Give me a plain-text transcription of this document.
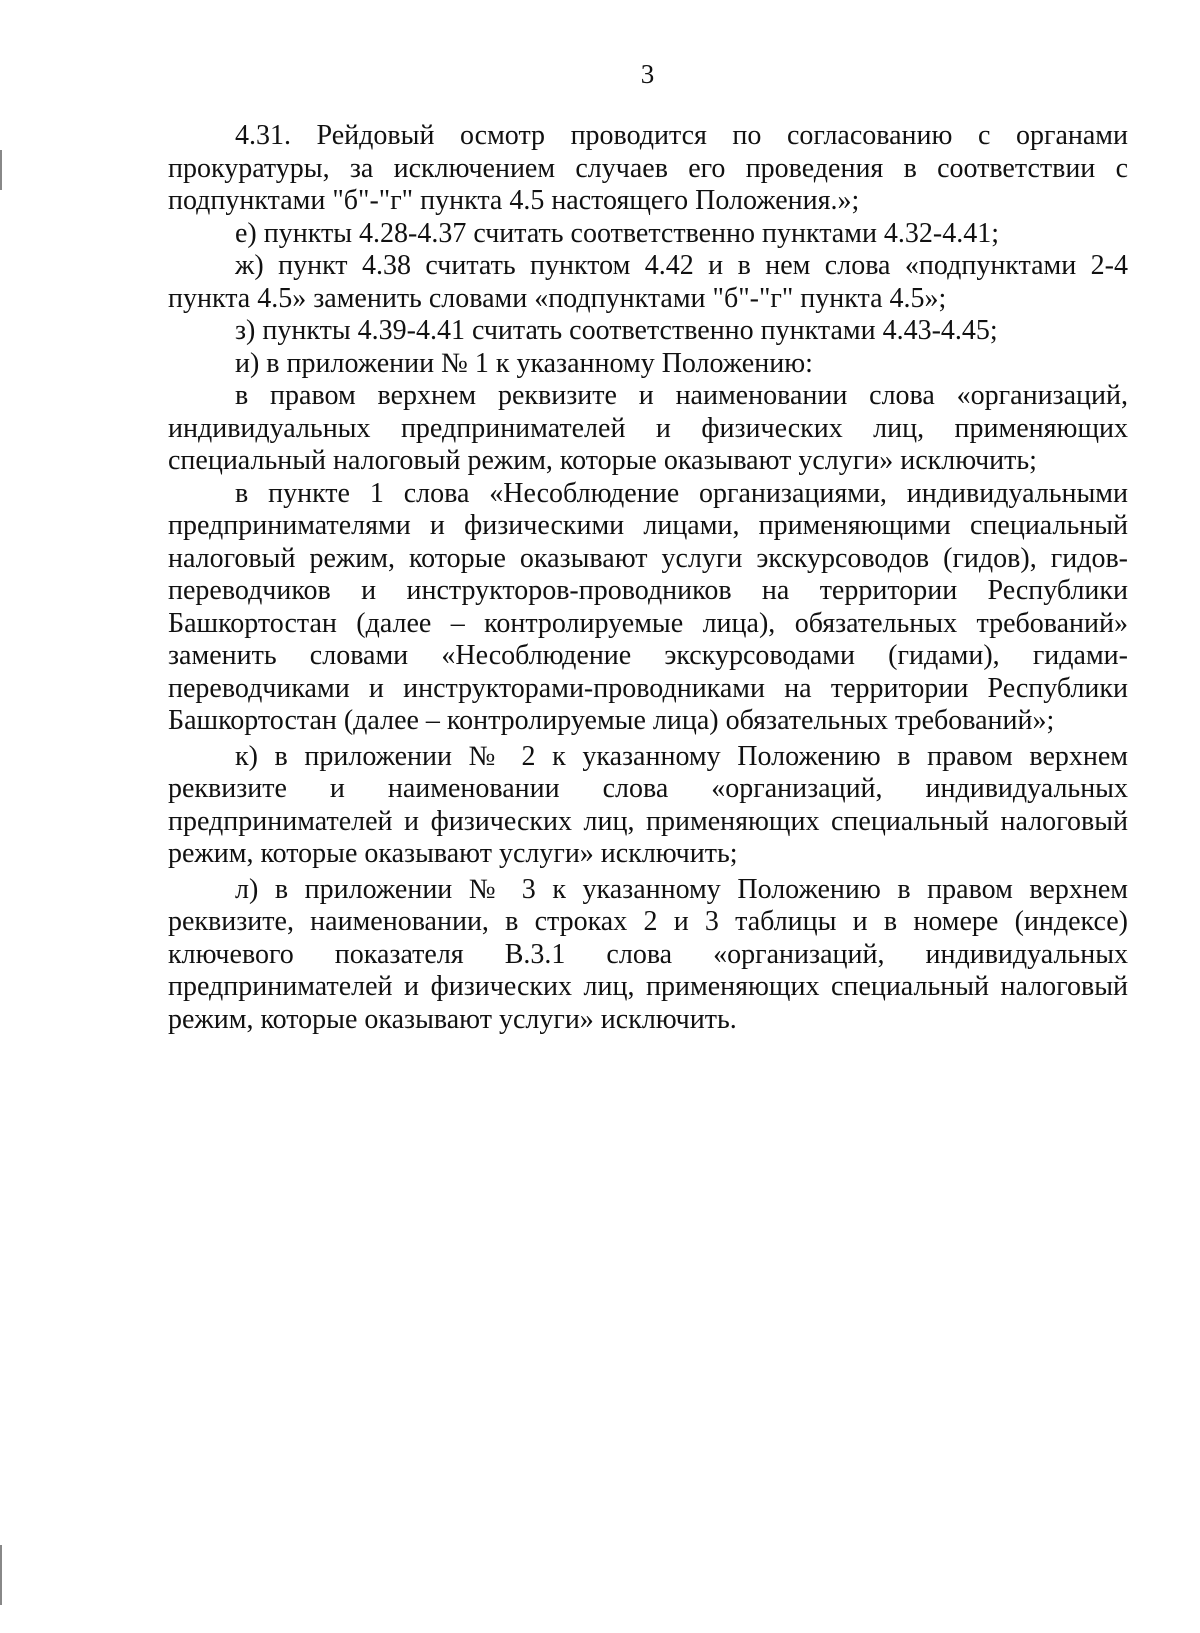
3

4.31. Рейдовый осмотр проводится по согласованию с органами прокуратуры, за исключением случаев его проведения в соответствии с подпунктами "б"-"г" пункта 4.5 настоящего Положения.»;

е) пункты 4.28-4.37 считать соответственно пунктами 4.32-4.41;

ж) пункт 4.38 считать пунктом 4.42 и в нем слова «подпунктами 2-4 пункта 4.5» заменить словами «подпунктами "б"-"г" пункта 4.5»;

з) пункты 4.39-4.41 считать соответственно пунктами 4.43-4.45;

и) в приложении № 1 к указанному Положению:

в правом верхнем реквизите и наименовании слова «организаций, индивидуальных предпринимателей и физических лиц, применяющих специальный налоговый режим, которые оказывают услуги» исключить;

в пункте 1 слова «Несоблюдение организациями, индивидуальными предпринимателями и физическими лицами, применяющими специальный налоговый режим, которые оказывают услуги экскурсоводов (гидов), гидов-переводчиков и инструкторов-проводников на территории Республики Башкортостан (далее – контролируемые лица), обязательных требований» заменить словами «Несоблюдение экскурсоводами (гидами), гидами-переводчиками и инструкторами-проводниками на территории Республики Башкортостан (далее – контролируемые лица) обязательных требований»;

к) в приложении № 2 к указанному Положению в правом верхнем реквизите и наименовании слова «организаций, индивидуальных предпринимателей и физических лиц, применяющих специальный налоговый режим, которые оказывают услуги» исключить;

л) в приложении № 3 к указанному Положению в правом верхнем реквизите, наименовании, в строках 2 и 3 таблицы и в номере (индексе) ключевого показателя В.3.1 слова «организаций, индивидуальных предпринимателей и физических лиц, применяющих специальный налоговый режим, которые оказывают услуги» исключить.
